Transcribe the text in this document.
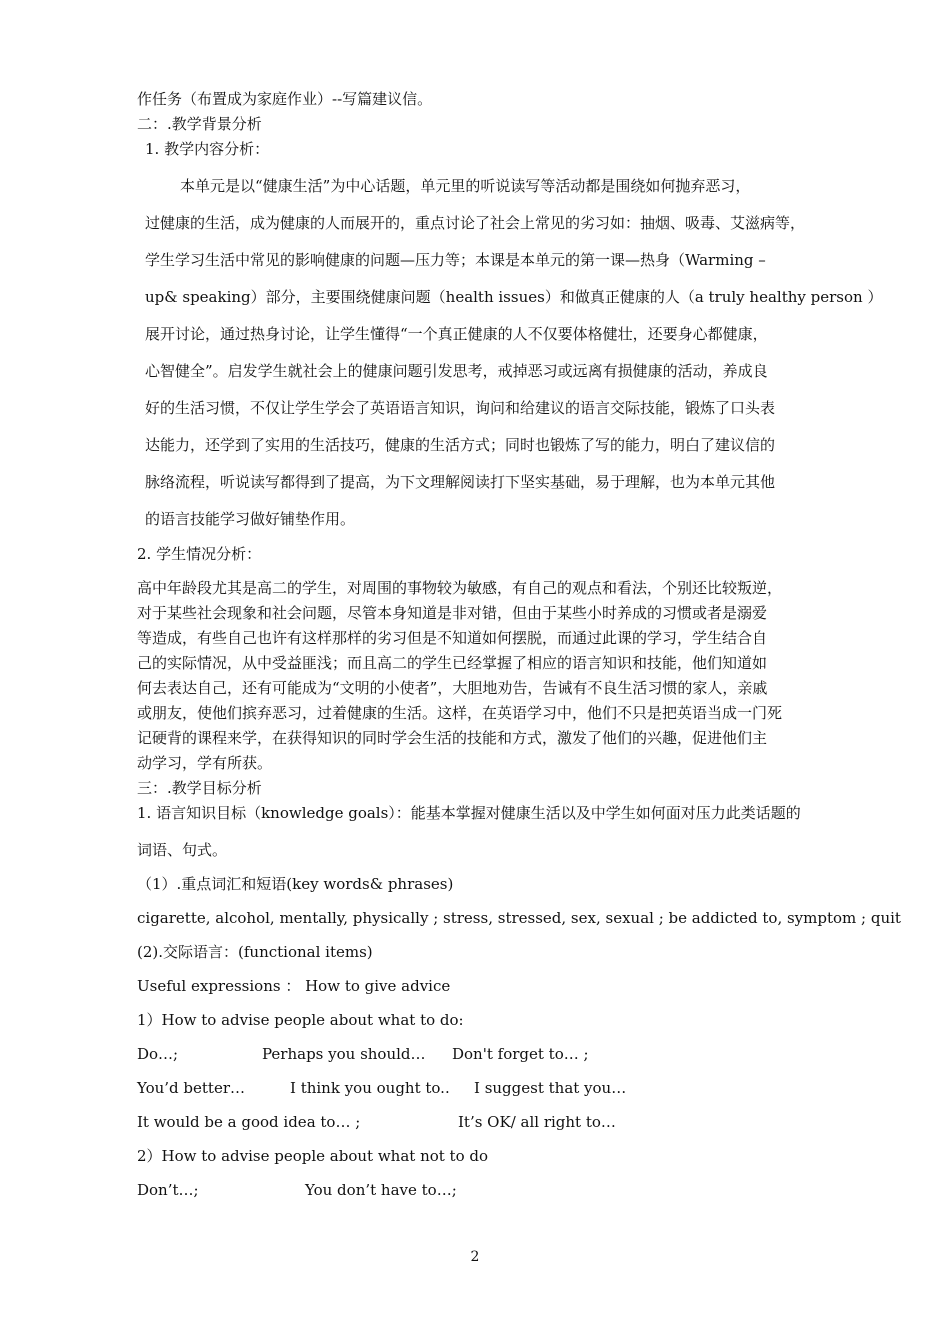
作任务（布置成为家庭作业）--写篇建议信。
二：.教学背景分析
1. 教学内容分析：
本单元是以“健康生活”为中心话题，单元里的听说读写等活动都是围绕如何抛弃恶习，
过健康的生活，成为健康的人而展开的，重点讨论了社会上常见的劣习如：抽烟、吸毒、艾滋病等，
学生学习生活中常见的影响健康的问题—压力等；本课是本单元的第一课—热身（Warming –
up& speaking）部分，主要围绕健康问题（health issues）和做真正健康的人（a truly healthy person ）
展开讨论，通过热身讨论，让学生懂得“一个真正健康的人不仅要体格健壮，还要身心都健康，
心智健全”。启发学生就社会上的健康问题引发思考，戒掉恶习或远离有损健康的活动，养成良
好的生活习惯，不仅让学生学会了英语语言知识，询问和给建议的语言交际技能，锻炼了口头表
达能力，还学到了实用的生活技巧，健康的生活方式；同时也锻炼了写的能力，明白了建议信的
脉络流程，听说读写都得到了提高，为下文理解阅读打下坚实基础，易于理解，也为本单元其他
的语言技能学习做好铺垫作用。
2. 学生情况分析：
高中年龄段尤其是高二的学生，对周围的事物较为敏感，有自己的观点和看法，个别还比较叛逆，
对于某些社会现象和社会问题，尽管本身知道是非对错，但由于某些小时养成的习惯或者是溺爱
等造成，有些自己也许有这样那样的劣习但是不知道如何摆脱，而通过此课的学习，学生结合自
己的实际情况，从中受益匪浅；而且高二的学生已经掌握了相应的语言知识和技能，他们知道如
何去表达自己，还有可能成为“文明的小使者”，大胆地劝告，告诫有不良生活习惯的家人，亲戚
或朋友，使他们摈弃恶习，过着健康的生活。这样，在英语学习中，他们不只是把英语当成一门死
记硬背的课程来学，在获得知识的同时学会生活的技能和方式，激发了他们的兴趣，促进他们主
动学习，学有所获。
三：.教学目标分析
1. 语言知识目标（knowledge goals）：能基本掌握对健康生活以及中学生如何面对压力此类话题的
词语、句式。
（1）.重点词汇和短语(key words& phrases)
cigarette, alcohol, mentally, physically ; stress, stressed, sex, sexual ; be addicted to, symptom ; quit
(2).交际语言：(functional items)
Useful expressions ： How to give advice
1）How to advise people about what to do:
Do…;	Perhaps you should… Don't forget to… ;
You’d better…	I think you ought to.. I suggest that you…
It would be a good idea to… ;	It’s OK/ all right to…
2）How to advise people about what not to do
Don’t…;	You don’t have to…;
2
